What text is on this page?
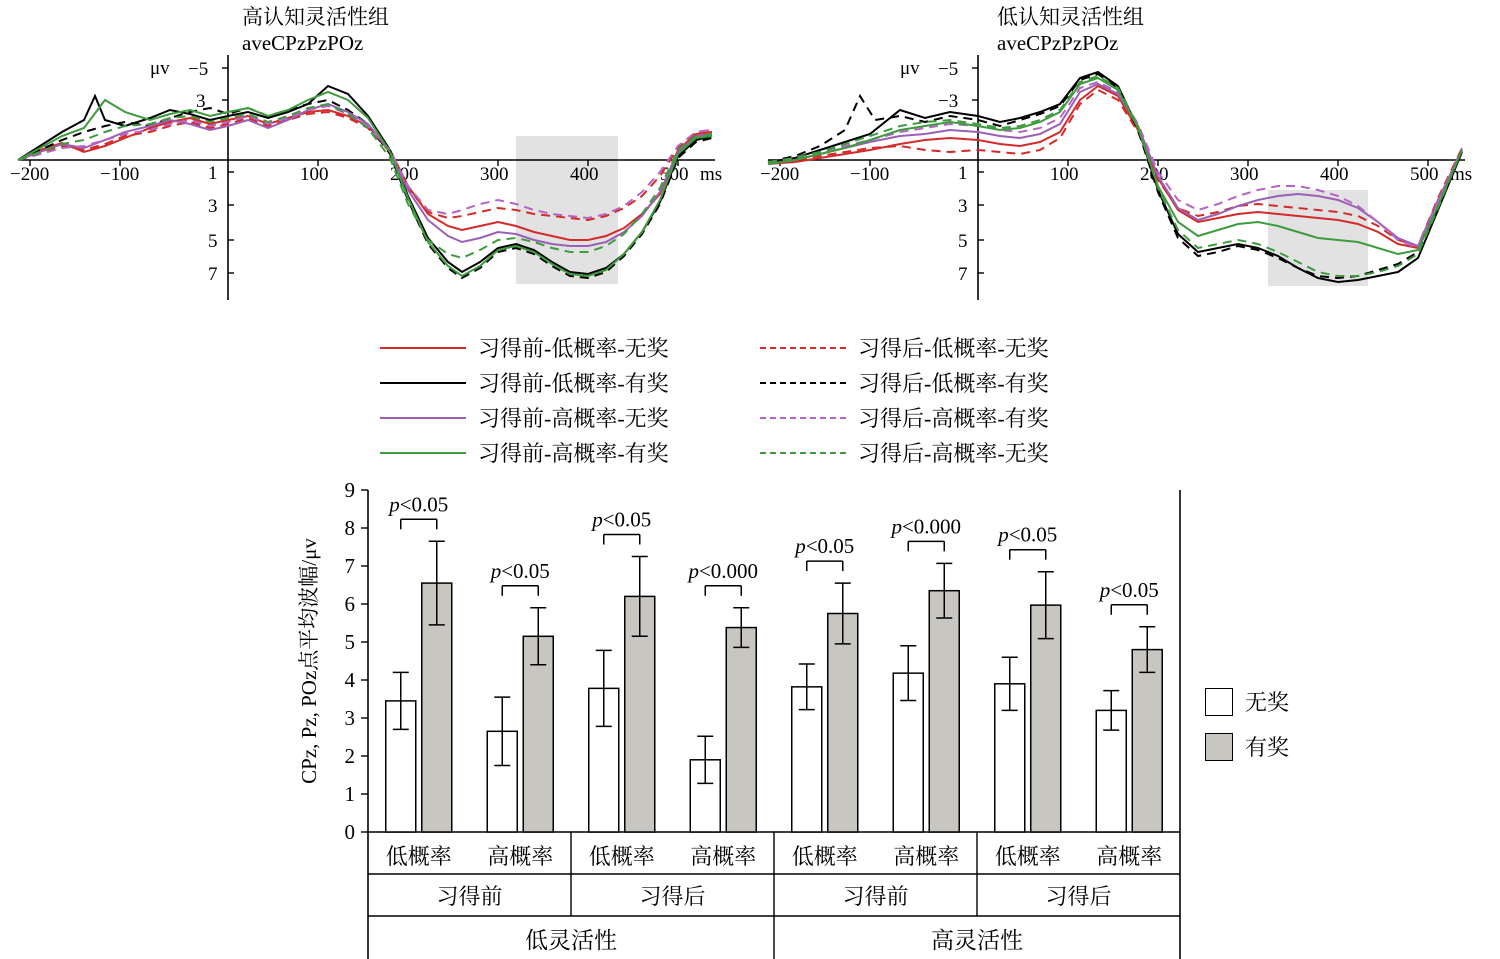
高认知灵活性组
aveCPzPzPOz
低认知灵活性组
aveCPzPzPOz
μv −5
3
1
3
5
7
−200	−100	100	200	300	400	500 ms
μv −5
−3
1
3
5
7
−200	−100	100	200	300	400	500 ms
习得前-低概率-无奖	习得后-低概率-无奖
习得前-低概率-有奖	习得后-低概率-有奖
习得前-高概率-无奖	习得后-高概率-有奖
习得前-高概率-有奖	习得后-高概率-无奖
0
1
2
3
4
5
6
7
8
9
CPz, Pz, POz点平均波幅/μv
p<0.05
低概率
p<0.05
高概率
p<0.05
低概率
p<0.000
高概率
p<0.05
低概率
p<0.000
高概率
p<0.05
低概率
p<0.05
高概率
习得前	习得后	习得前	习得后
低灵活性	高灵活性
无奖
有奖
